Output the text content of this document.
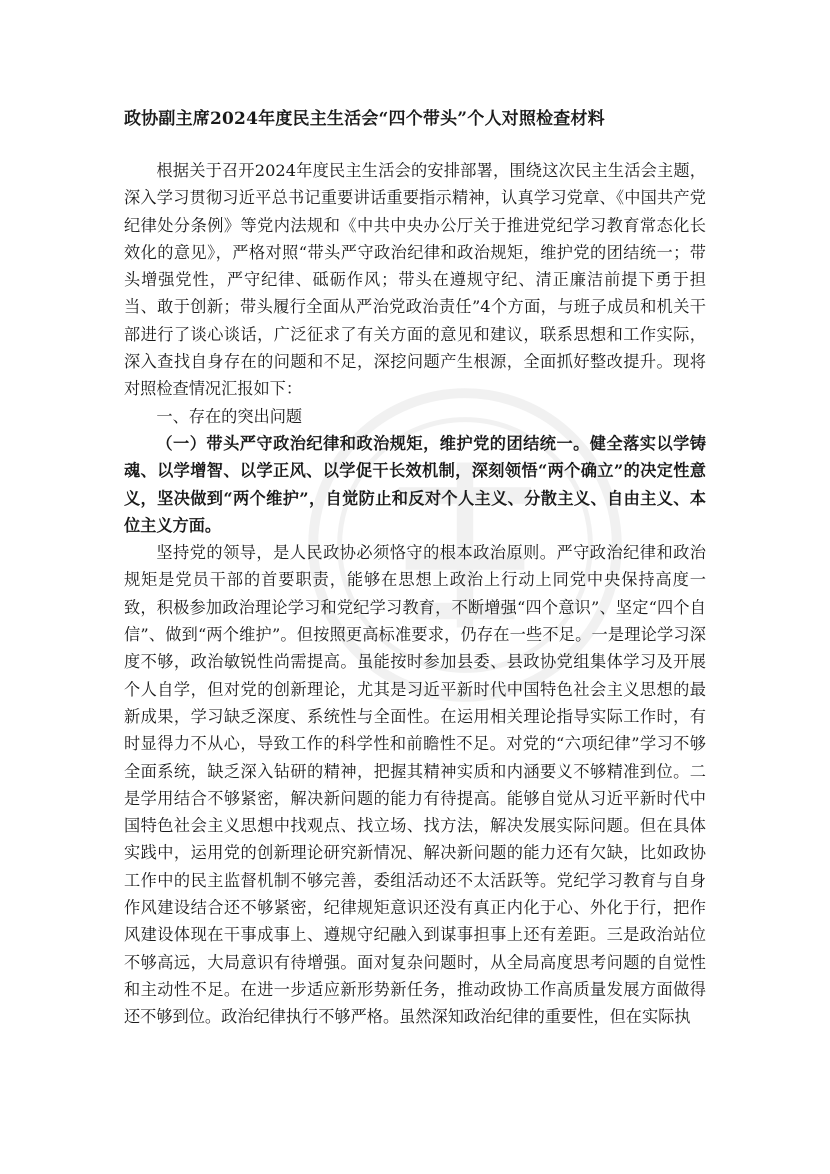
政协副主席2024年度民主生活会“四个带头”个人对照检查材料

根据关于召开2024年度民主生活会的安排部署，围绕这次民主生活会主题，深入学习贯彻习近平总书记重要讲话重要指示精神，认真学习党章、《中国共产党纪律处分条例》等党内法规和《中共中央办公厅关于推进党纪学习教育常态化长效化的意见》，严格对照“带头严守政治纪律和政治规矩，维护党的团结统一；带头增强党性，严守纪律、砥砺作风；带头在遵规守纪、清正廉洁前提下勇于担当、敢于创新；带头履行全面从严治党政治责任”4个方面，与班子成员和机关干部进行了谈心谈话，广泛征求了有关方面的意见和建议，联系思想和工作实际，深入查找自身存在的问题和不足，深挖问题产生根源，全面抓好整改提升。现将对照检查情况汇报如下：

一、存在的突出问题

（一）带头严守政治纪律和政治规矩，维护党的团结统一。健全落实以学铸魂、以学增智、以学正风、以学促干长效机制，深刻领悟“两个确立”的决定性意义，坚决做到“两个维护”，自觉防止和反对个人主义、分散主义、自由主义、本位主义方面。

坚持党的领导，是人民政协必须恪守的根本政治原则。严守政治纪律和政治规矩是党员干部的首要职责，能够在思想上政治上行动上同党中央保持高度一致，积极参加政治理论学习和党纪学习教育，不断增强“四个意识”、坚定“四个自信”、做到“两个维护”。但按照更高标准要求，仍存在一些不足。一是理论学习深度不够，政治敏锐性尚需提高。虽能按时参加县委、县政协党组集体学习及开展个人自学，但对党的创新理论，尤其是习近平新时代中国特色社会主义思想的最新成果，学习缺乏深度、系统性与全面性。在运用相关理论指导实际工作时，有时显得力不从心，导致工作的科学性和前瞻性不足。对党的“六项纪律”学习不够全面系统，缺乏深入钻研的精神，把握其精神实质和内涵要义不够精准到位。二是学用结合不够紧密，解决新问题的能力有待提高。能够自觉从习近平新时代中国特色社会主义思想中找观点、找立场、找方法，解决发展实际问题。但在具体实践中，运用党的创新理论研究新情况、解决新问题的能力还有欠缺，比如政协工作中的民主监督机制不够完善，委组活动还不太活跃等。党纪学习教育与自身作风建设结合还不够紧密，纪律规矩意识还没有真正内化于心、外化于行，把作风建设体现在干事成事上、遵规守纪融入到谋事担事上还有差距。三是政治站位不够高远，大局意识有待增强。面对复杂问题时，从全局高度思考问题的自觉性和主动性不足。在进一步适应新形势新任务，推动政协工作高质量发展方面做得还不够到位。政治纪律执行不够严格。虽然深知政治纪律的重要性，但在实际执
